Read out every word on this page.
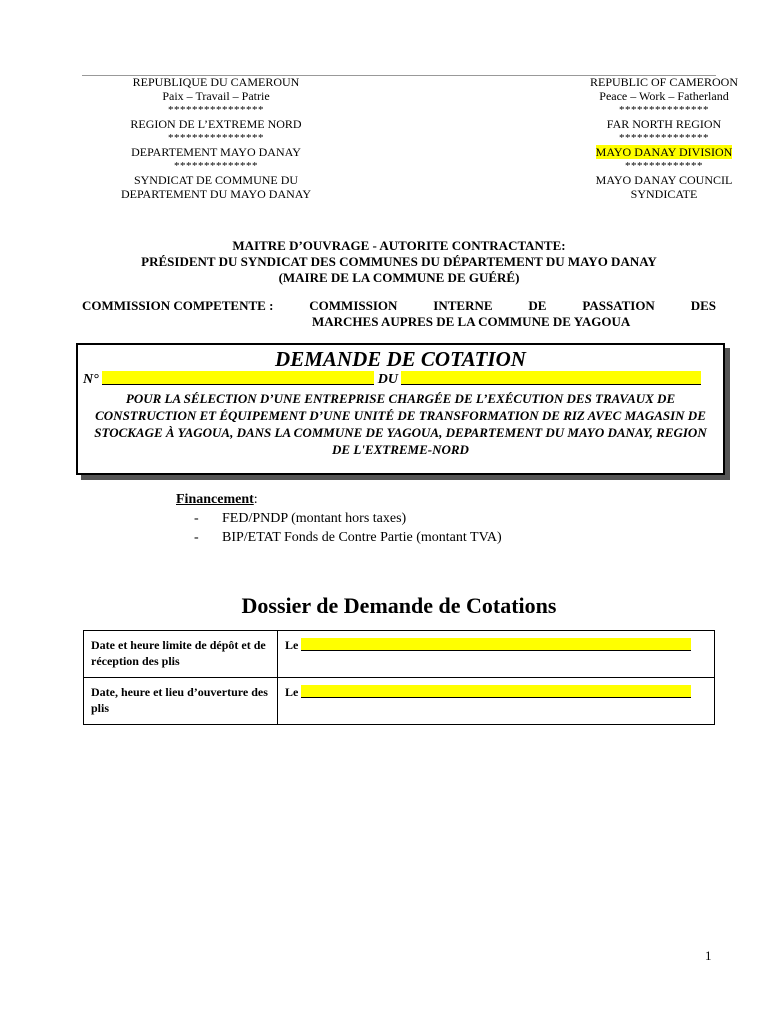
REPUBLIQUE DU CAMEROUN
Paix – Travail – Patrie
****************
REGION DE L’EXTREME NORD
****************
DEPARTEMENT MAYO DANAY
**************
SYNDICAT DE COMMUNE DU
DEPARTEMENT DU MAYO DANAY
REPUBLIC OF CAMEROON
Peace – Work – Fatherland
***************
FAR NORTH REGION
***************
MAYO DANAY DIVISION
*************
MAYO DANAY COUNCIL
SYNDICATE
MAITRE D’OUVRAGE - AUTORITE CONTRACTANTE:
PRÉSIDENT DU SYNDICAT DES COMMUNES DU DÉPARTEMENT DU MAYO DANAY
(MAIRE DE LA COMMUNE DE GUÉRÉ)
COMMISSION COMPETENTE :	COMMISSION	INTERNE	DE	PASSATION	DES
MARCHES AUPRES DE LA COMMUNE DE YAGOUA
DEMANDE DE COTATION
N°	DU
POUR LA SÉLECTION D’UNE ENTREPRISE CHARGÉE DE L’EXÉCUTION DES TRAVAUX DE CONSTRUCTION ET ÉQUIPEMENT D’UNE UNITÉ DE TRANSFORMATION DE RIZ AVEC MAGASIN DE STOCKAGE À YAGOUA, DANS LA COMMUNE DE YAGOUA, DEPARTEMENT DU MAYO DANAY, REGION DE L'EXTREME-NORD
Financement:
- FED/PNDP (montant hors taxes)
- BIP/ETAT Fonds de Contre Partie (montant TVA)
Dossier de Demande de Cotations
Date et heure limite de dépôt et de réception des plis	Le
Date, heure et lieu d’ouverture des plis	Le
1
